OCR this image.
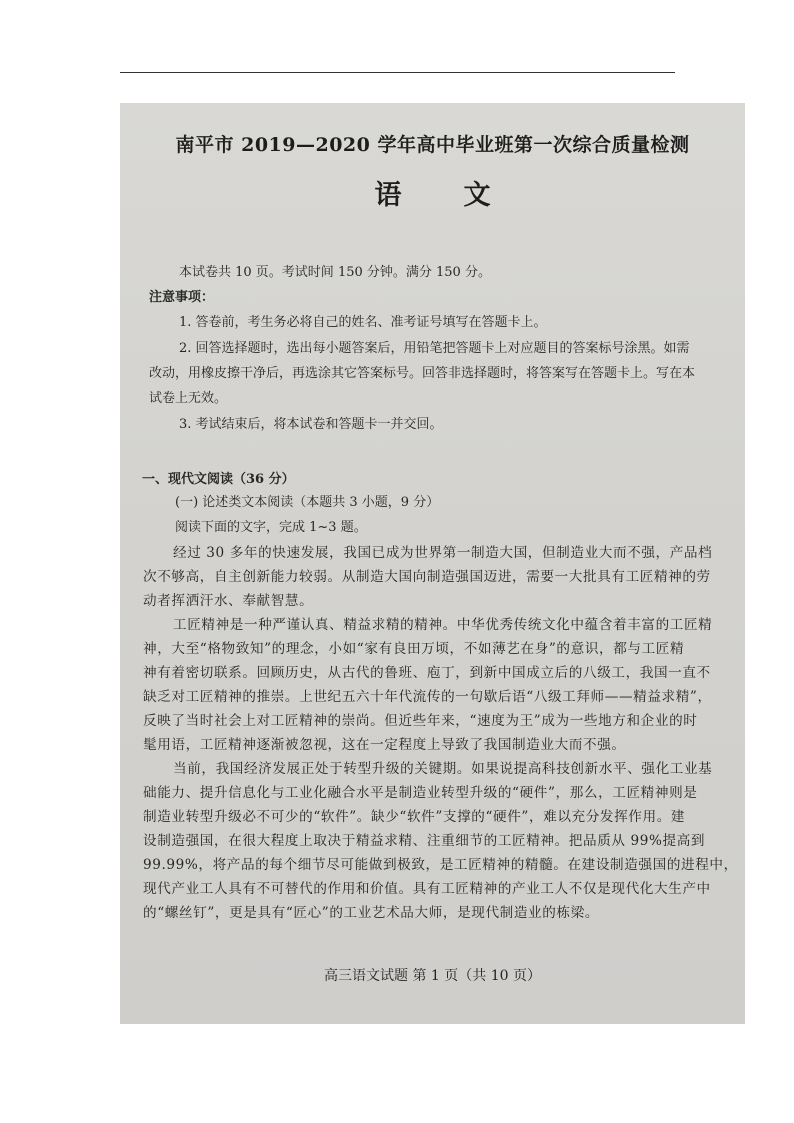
南平市 2019—2020 学年高中毕业班第一次综合质量检测
语文
本试卷共 10 页。考试时间 150 分钟。满分 150 分。
注意事项：
1. 答卷前，考生务必将自己的姓名、准考证号填写在答题卡上。
2. 回答选择题时，选出每小题答案后，用铅笔把答题卡上对应题目的答案标号涂黑。如需
改动，用橡皮擦干净后，再选涂其它答案标号。回答非选择题时，将答案写在答题卡上。写在本
试卷上无效。
3. 考试结束后，将本试卷和答题卡一并交回。
一、现代文阅读（36 分）
(一) 论述类文本阅读（本题共 3 小题，9 分）
阅读下面的文字，完成 1~3 题。
经过 30 多年的快速发展，我国已成为世界第一制造大国，但制造业大而不强，产品档
次不够高，自主创新能力较弱。从制造大国向制造强国迈进，需要一大批具有工匠精神的劳
动者挥洒汗水、奉献智慧。
工匠精神是一种严谨认真、精益求精的精神。中华优秀传统文化中蕴含着丰富的工匠精
神，大至“格物致知”的理念，小如“家有良田万顷，不如薄艺在身”的意识，都与工匠精
神有着密切联系。回顾历史，从古代的鲁班、庖丁，到新中国成立后的八级工，我国一直不
缺乏对工匠精神的推崇。上世纪五六十年代流传的一句歇后语“八级工拜师——精益求精”，
反映了当时社会上对工匠精神的崇尚。但近些年来，“速度为王”成为一些地方和企业的时
髦用语，工匠精神逐渐被忽视，这在一定程度上导致了我国制造业大而不强。
当前，我国经济发展正处于转型升级的关键期。如果说提高科技创新水平、强化工业基
础能力、提升信息化与工业化融合水平是制造业转型升级的“硬件”，那么，工匠精神则是
制造业转型升级必不可少的“软件”。缺少“软件”支撑的“硬件”，难以充分发挥作用。建
设制造强国，在很大程度上取决于精益求精、注重细节的工匠精神。把品质从 99%提高到
99.99%，将产品的每个细节尽可能做到极致，是工匠精神的精髓。在建设制造强国的进程中，
现代产业工人具有不可替代的作用和价值。具有工匠精神的产业工人不仅是现代化大生产中
的“螺丝钉”，更是具有“匠心”的工业艺术品大师，是现代制造业的栋梁。
高三语文试题 第 1 页（共 10 页）
